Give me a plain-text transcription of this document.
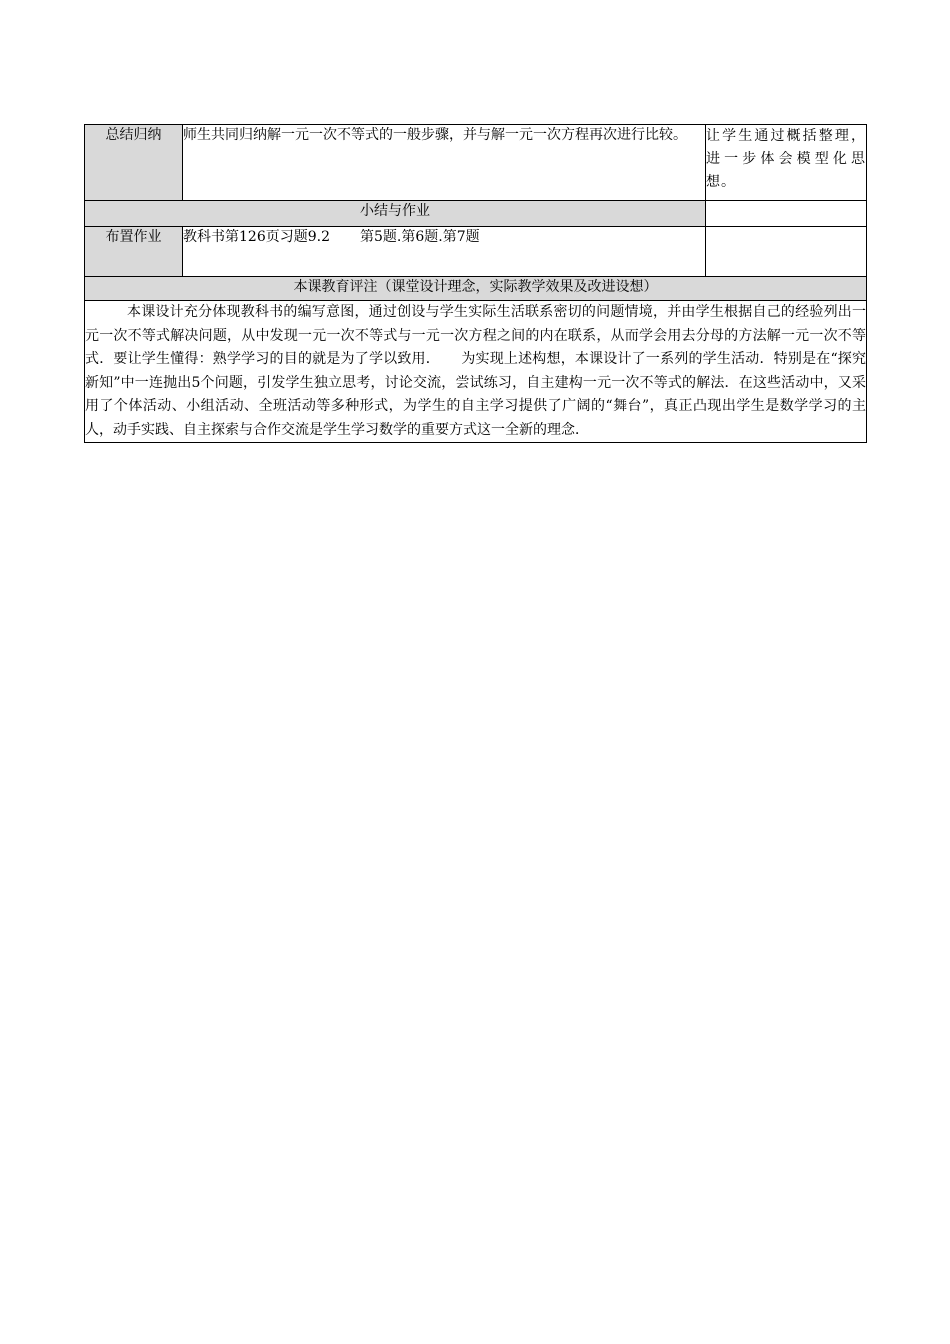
总结归纳	师生共同归纳解一元一次不等式的一般步骤，并与解一元一次方程再次进行比较。	让学生通过概括整理，进一步体会模型化思想。
小结与作业		
布置作业	教科书第126页习题9.2 第5题.第6题.第7题	
本课教育评注（课堂设计理念，实际教学效果及改进设想）		
本课设计充分体现教科书的编写意图，通过创设与学生实际生活联系密切的问题情境，并由学生根据自己的经验列出一元一次不等式解决问题，从中发现一元一次不等式与一元一次方程之间的内在联系，从而学会用去分母的方法解一元一次不等式．要让学生懂得：熟学学习的目的就是为了学以致用．　　为实现上述构想，本课设计了一系列的学生活动．特别是在“探究新知”中一连抛出5个问题，引发学生独立思考，讨论交流，尝试练习，自主建构一元一次不等式的解法．在这些活动中，又采用了个体活动、小组活动、全班活动等多种形式，为学生的自主学习提供了广阔的“舞台”，真正凸现出学生是数学学习的主人，动手实践、自主探索与合作交流是学生学习数学的重要方式这一全新的理念．		
